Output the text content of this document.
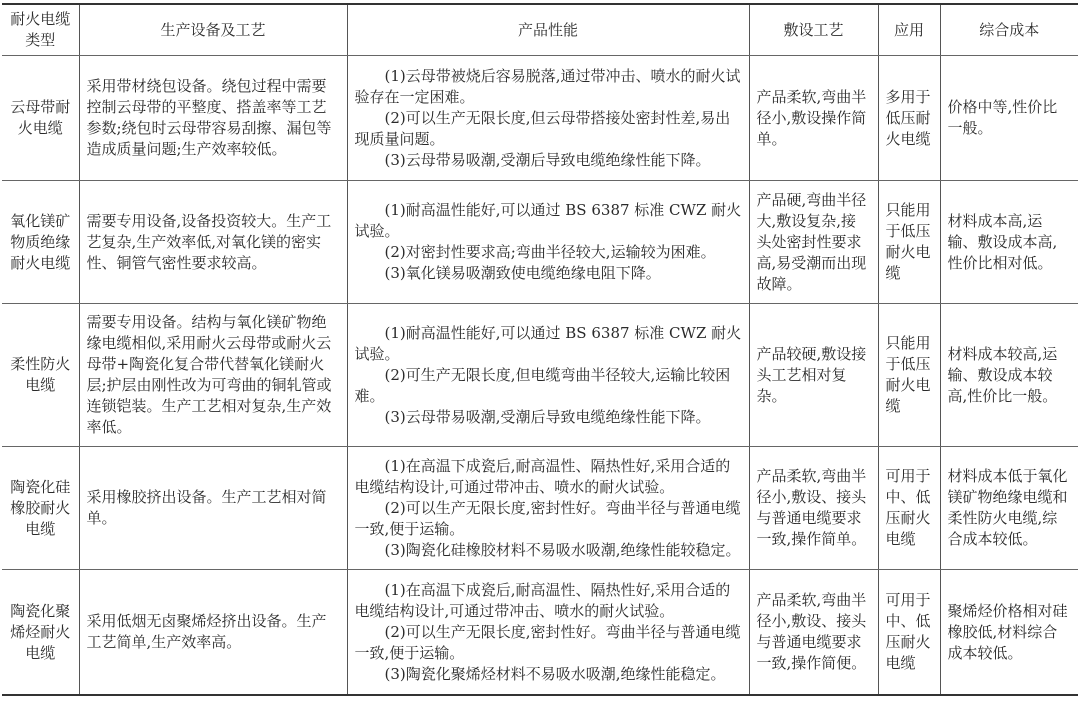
耐火电缆类型	生产设备及工艺	产品性能	敷设工艺	应用	综合成本
云母带耐火电缆	采用带材绕包设备。绕包过程中需要控制云母带的平整度、搭盖率等工艺参数;绕包时云母带容易刮擦、漏包等造成质量问题;生产效率较低。	(1)云母带被烧后容易脱落,通过带冲击、喷水的耐火试验存在一定困难。

(2)可以生产无限长度,但云母带搭接处密封性差,易出现质量问题。

(3)云母带易吸潮,受潮后导致电缆绝缘性能下降。	产品柔软,弯曲半径小,敷设操作简单。	多用于低压耐火电缆	价格中等,性价比一般。
氧化镁矿物质绝缘耐火电缆	需要专用设备,设备投资较大。生产工艺复杂,生产效率低,对氧化镁的密实性、铜管气密性要求较高。	(1)耐高温性能好,可以通过 BS 6387 标准 CWZ 耐火试验。

(2)对密封性要求高;弯曲半径较大,运输较为困难。

(3)氧化镁易吸潮致使电缆绝缘电阻下降。	产品硬,弯曲半径大,敷设复杂,接头处密封性要求高,易受潮而出现故障。	只能用于低压耐火电缆	材料成本高,运输、敷设成本高,性价比相对低。
柔性防火电缆	需要专用设备。结构与氧化镁矿物绝缘电缆相似,采用耐火云母带或耐火云母带+陶瓷化复合带代替氧化镁耐火层;护层由刚性改为可弯曲的铜轧管或连锁铠装。生产工艺相对复杂,生产效率低。	(1)耐高温性能好,可以通过 BS 6387 标准 CWZ 耐火试验。

(2)可生产无限长度,但电缆弯曲半径较大,运输比较困难。

(3)云母带易吸潮,受潮后导致电缆绝缘性能下降。	产品较硬,敷设接头工艺相对复杂。	只能用于低压耐火电缆	材料成本较高,运输、敷设成本较高,性价比一般。
陶瓷化硅橡胶耐火电缆	采用橡胶挤出设备。生产工艺相对简单。	(1)在高温下成瓷后,耐高温性、隔热性好,采用合适的电缆结构设计,可通过带冲击、喷水的耐火试验。

(2)可以生产无限长度,密封性好。弯曲半径与普通电缆一致,便于运输。

(3)陶瓷化硅橡胶材料不易吸水吸潮,绝缘性能较稳定。	产品柔软,弯曲半径小,敷设、接头与普通电缆要求一致,操作简单。	可用于中、低压耐火电缆	材料成本低于氧化镁矿物绝缘电缆和柔性防火电缆,综合成本较低。
陶瓷化聚烯烃耐火电缆	采用低烟无卤聚烯烃挤出设备。生产工艺简单,生产效率高。	(1)在高温下成瓷后,耐高温性、隔热性好,采用合适的电缆结构设计,可通过带冲击、喷水的耐火试验。

(2)可以生产无限长度,密封性好。弯曲半径与普通电缆一致,便于运输。

(3)陶瓷化聚烯烃材料不易吸水吸潮,绝缘性能稳定。	产品柔软,弯曲半径小,敷设、接头与普通电缆要求一致,操作简便。	可用于中、低压耐火电缆	聚烯烃价格相对硅橡胶低,材料综合成本较低。
